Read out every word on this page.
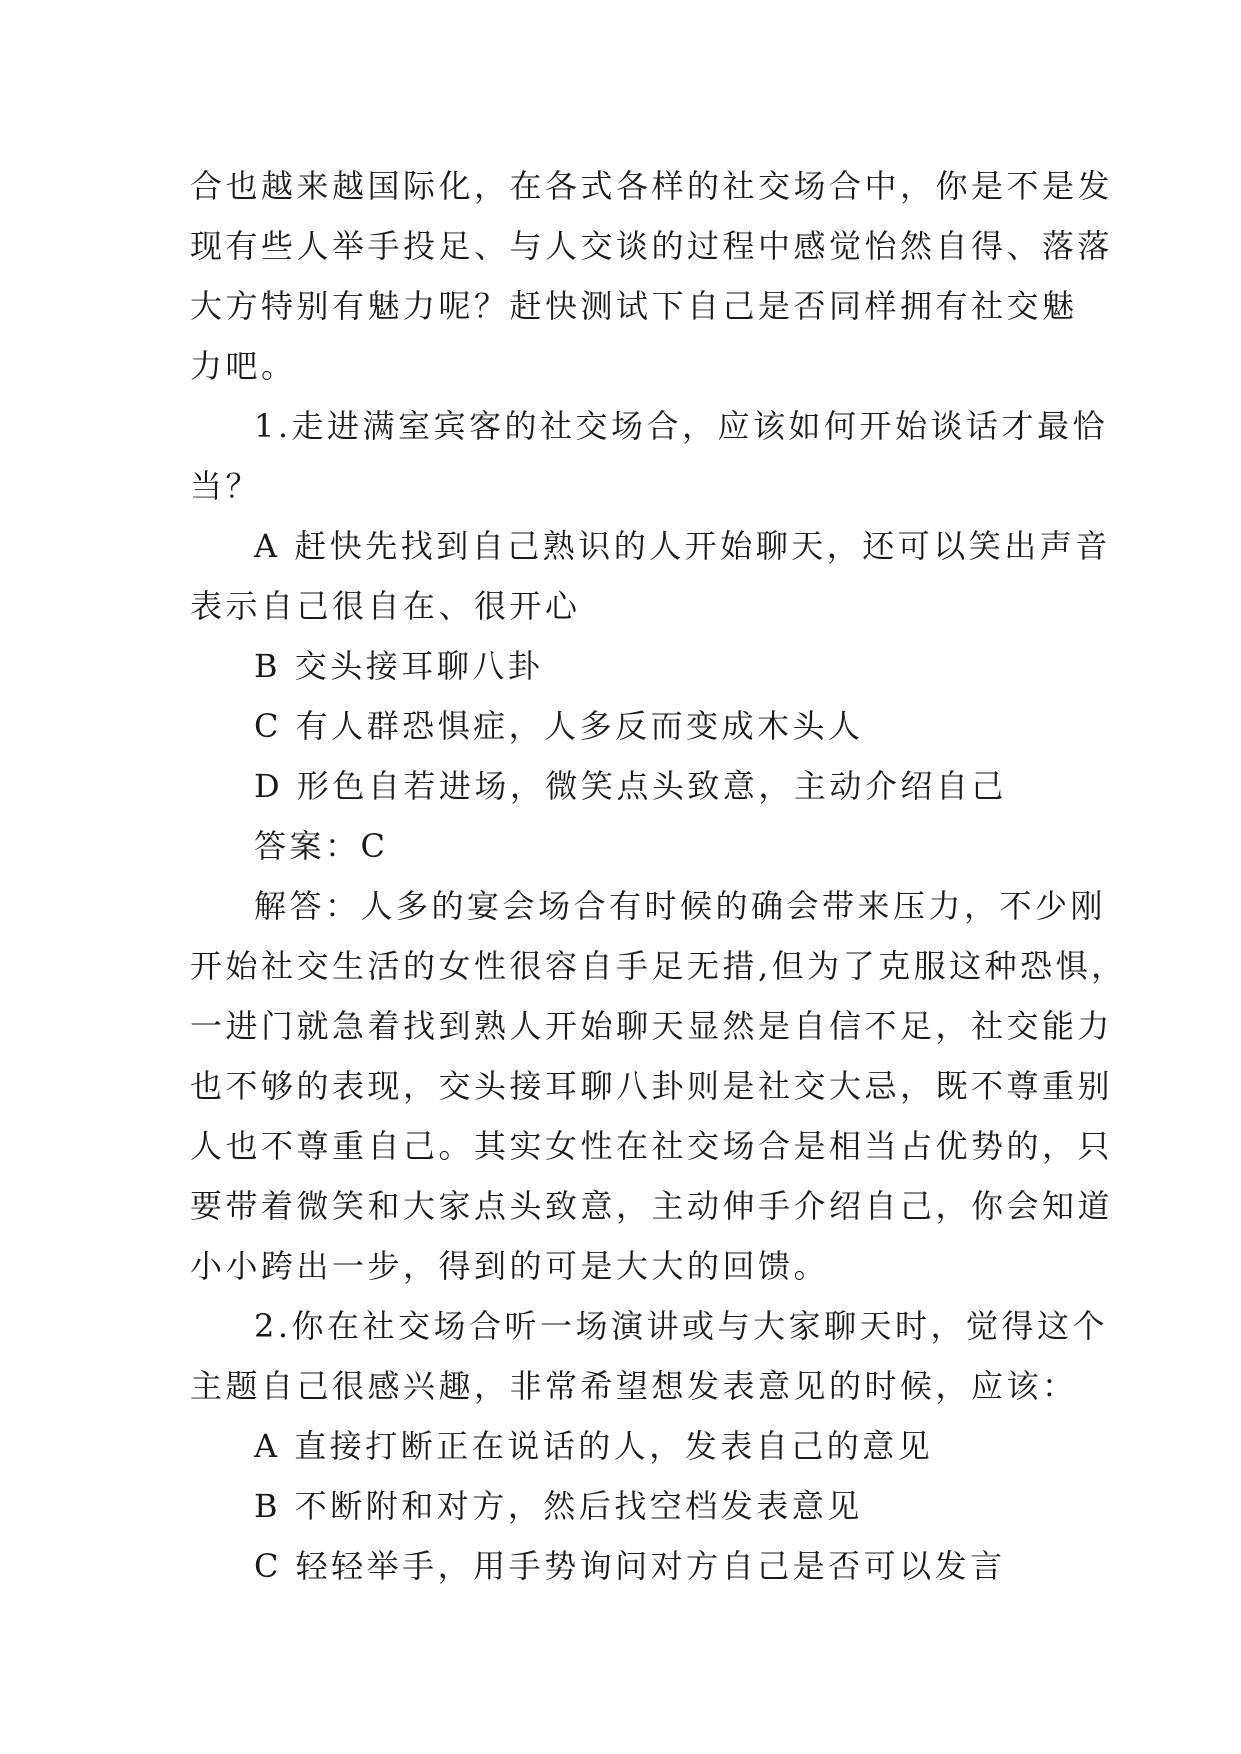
合也越来越国际化，在各式各样的社交场合中，你是不是发
现有些人举手投足、与人交谈的过程中感觉怡然自得、落落
大方特别有魅力呢？赶快测试下自己是否同样拥有社交魅
力吧。
1.走进满室宾客的社交场合，应该如何开始谈话才最恰
当？
A 赶快先找到自己熟识的人开始聊天，还可以笑出声音
表示自己很自在、很开心
B 交头接耳聊八卦
C 有人群恐惧症，人多反而变成木头人
D 形色自若进场，微笑点头致意，主动介绍自己
答案：C
解答：人多的宴会场合有时候的确会带来压力，不少刚
开始社交生活的女性很容自手足无措,但为了克服这种恐惧，
一进门就急着找到熟人开始聊天显然是自信不足，社交能力
也不够的表现，交头接耳聊八卦则是社交大忌，既不尊重别
人也不尊重自己。其实女性在社交场合是相当占优势的，只
要带着微笑和大家点头致意，主动伸手介绍自己，你会知道
小小跨出一步，得到的可是大大的回馈。
2.你在社交场合听一场演讲或与大家聊天时，觉得这个
主题自己很感兴趣，非常希望想发表意见的时候，应该：
A 直接打断正在说话的人，发表自己的意见
B 不断附和对方，然后找空档发表意见
C 轻轻举手，用手势询问对方自己是否可以发言
